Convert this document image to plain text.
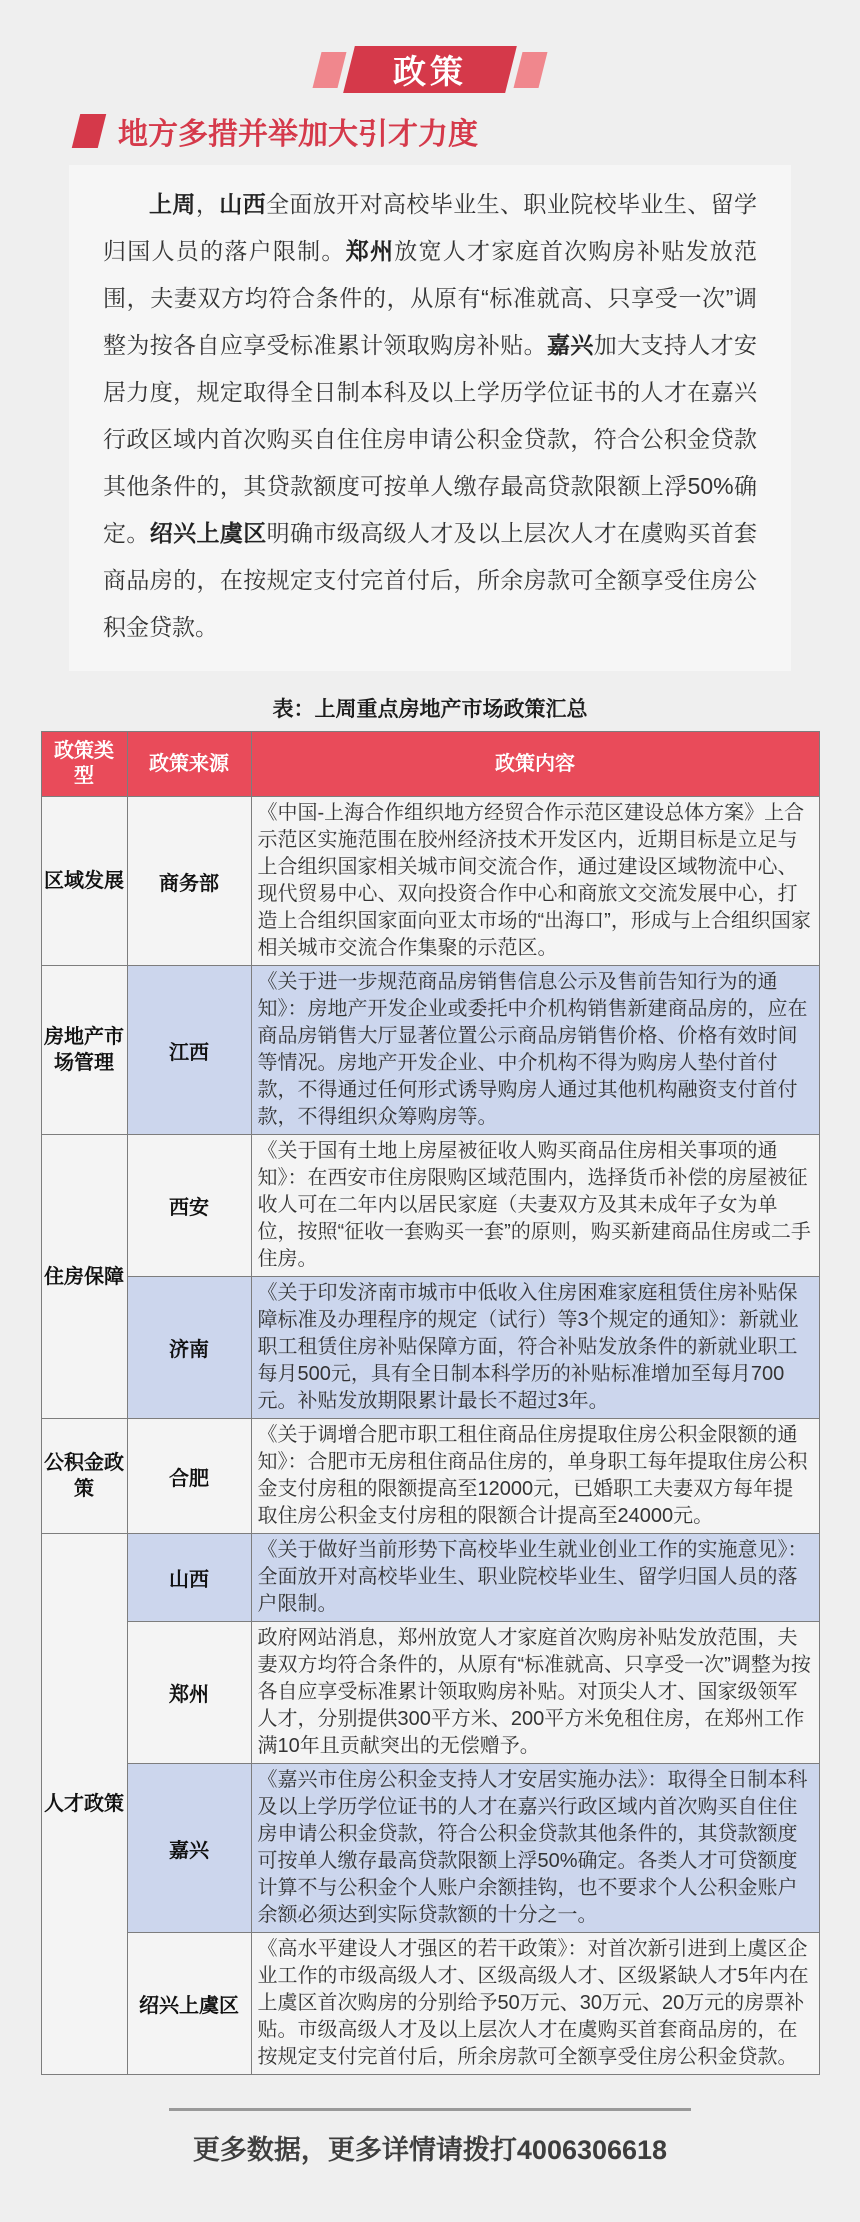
政策
地方多措并举加大引才力度

上周，山西全面放开对高校毕业生、职业院校毕业生、留学归国人员的落户限制。郑州放宽人才家庭首次购房补贴发放范围，夫妻双方均符合条件的，从原有“标准就高、只享受一次”调整为按各自应享受标准累计领取购房补贴。嘉兴加大支持人才安居力度，规定取得全日制本科及以上学历学位证书的人才在嘉兴行政区域内首次购买自住住房申请公积金贷款，符合公积金贷款其他条件的，其贷款额度可按单人缴存最高贷款限额上浮50%确定。绍兴上虞区明确市级高级人才及以上层次人才在虞购买首套商品房的，在按规定支付完首付后，所余房款可全额享受住房公积金贷款。

表：上周重点房地产市场政策汇总
政策类型	政策来源	政策内容
区域发展	商务部	《中国-上海合作组织地方经贸合作示范区建设总体方案》上合示范区实施范围在胶州经济技术开发区内，近期目标是立足与上合组织国家相关城市间交流合作，通过建设区域物流中心、现代贸易中心、双向投资合作中心和商旅文交流发展中心，打造上合组织国家面向亚太市场的“出海口”，形成与上合组织国家相关城市交流合作集聚的示范区。
房地产市场管理	江西	《关于进一步规范商品房销售信息公示及售前告知行为的通知》：房地产开发企业或委托中介机构销售新建商品房的，应在商品房销售大厅显著位置公示商品房销售价格、价格有效时间等情况。房地产开发企业、中介机构不得为购房人垫付首付款，不得通过任何形式诱导购房人通过其他机构融资支付首付款，不得组织众筹购房等。
住房保障	西安	《关于国有土地上房屋被征收人购买商品住房相关事项的通知》：在西安市住房限购区域范围内，选择货币补偿的房屋被征收人可在二年内以居民家庭（夫妻双方及其未成年子女为单位，按照“征收一套购买一套”的原则，购买新建商品住房或二手住房。
	济南	《关于印发济南市城市中低收入住房困难家庭租赁住房补贴保障标准及办理程序的规定（试行）等3个规定的通知》：新就业职工租赁住房补贴保障方面，符合补贴发放条件的新就业职工每月500元，具有全日制本科学历的补贴标准增加至每月700元。补贴发放期限累计最长不超过3年。
公积金政策	合肥	《关于调增合肥市职工租住商品住房提取住房公积金限额的通知》：合肥市无房租住商品住房的，单身职工每年提取住房公积金支付房租的限额提高至12000元，已婚职工夫妻双方每年提取住房公积金支付房租的限额合计提高至24000元。
人才政策	山西	《关于做好当前形势下高校毕业生就业创业工作的实施意见》：全面放开对高校毕业生、职业院校毕业生、留学归国人员的落户限制。
	郑州	政府网站消息，郑州放宽人才家庭首次购房补贴发放范围，夫妻双方均符合条件的，从原有“标准就高、只享受一次”调整为按各自应享受标准累计领取购房补贴。对顶尖人才、国家级领军人才，分别提供300平方米、200平方米免租住房，在郑州工作满10年且贡献突出的无偿赠予。
	嘉兴	《嘉兴市住房公积金支持人才安居实施办法》：取得全日制本科及以上学历学位证书的人才在嘉兴行政区域内首次购买自住住房申请公积金贷款，符合公积金贷款其他条件的，其贷款额度可按单人缴存最高贷款限额上浮50%确定。各类人才可贷额度计算不与公积金个人账户余额挂钩，也不要求个人公积金账户余额必须达到实际贷款额的十分之一。
	绍兴上虞区	《高水平建设人才强区的若干政策》：对首次新引进到上虞区企业工作的市级高级人才、区级高级人才、区级紧缺人才5年内在上虞区首次购房的分别给予50万元、30万元、20万元的房票补贴。市级高级人才及以上层次人才在虞购买首套商品房的，在按规定支付完首付后，所余房款可全额享受住房公积金贷款。
更多数据，更多详情请拨打4006306618
